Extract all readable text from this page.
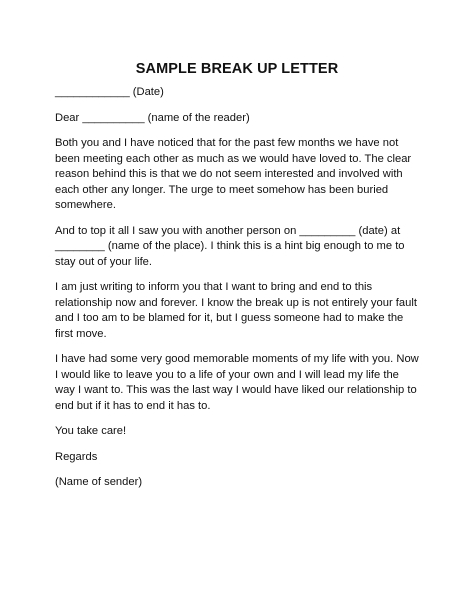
SAMPLE BREAK UP LETTER

____________ (Date)

Dear __________ (name of the reader)

Both you and I have noticed that for the past few months we have not been meeting each other as much as we would have loved to. The clear reason behind this is that we do not seem interested and involved with each other any longer. The urge to meet somehow has been buried somewhere.

And to top it all I saw you with another person on _________ (date) at ________ (name of the place). I think this is a hint big enough to me to stay out of your life.

I am just writing to inform you that I want to bring and end to this relationship now and forever. I know the break up is not entirely your fault and I too am to be blamed for it, but I guess someone had to make the first move.

I have had some very good memorable moments of my life with you. Now I would like to leave you to a life of your own and I will lead my life the way I want to. This was the last way I would have liked our relationship to end but if it has to end it has to.

You take care!

Regards

(Name of sender)
